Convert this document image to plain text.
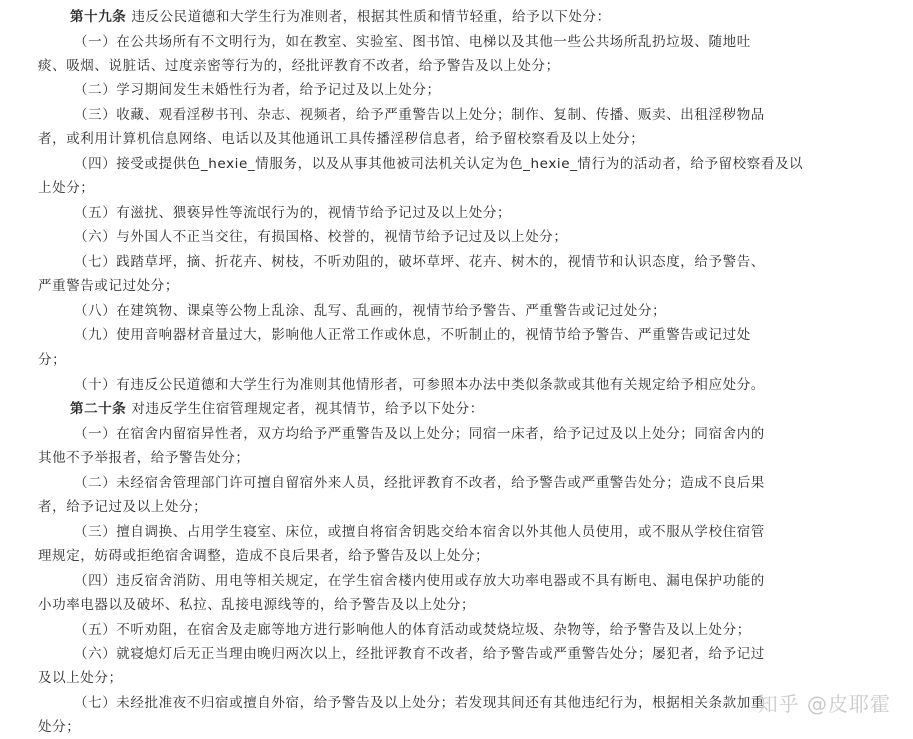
第十九条 违反公民道德和大学生行为准则者，根据其性质和情节轻重，给予以下处分：
（一）在公共场所有不文明行为，如在教室、实验室、图书馆、电梯以及其他一些公共场所乱扔垃圾、随地吐
痰、吸烟、说脏话、过度亲密等行为的，经批评教育不改者，给予警告及以上处分；
（二）学习期间发生未婚性行为者，给予记过及以上处分；
（三）收藏、观看淫秽书刊、杂志、视频者，给予严重警告以上处分；制作、复制、传播、贩卖、出租淫秽物品
者，或利用计算机信息网络、电话以及其他通讯工具传播淫秽信息者，给予留校察看及以上处分；
（四）接受或提供色_hexie_情服务，以及从事其他被司法机关认定为色_hexie_情行为的活动者，给予留校察看及以
上处分；
（五）有滋扰、猥亵异性等流氓行为的，视情节给予记过及以上处分；
（六）与外国人不正当交往，有损国格、校誉的，视情节给予记过及以上处分；
（七）践踏草坪，摘、折花卉、树枝，不听劝阻的，破坏草坪、花卉、树木的，视情节和认识态度，给予警告、
严重警告或记过处分；
（八）在建筑物、课桌等公物上乱涂、乱写、乱画的，视情节给予警告、严重警告或记过处分；
（九）使用音响器材音量过大，影响他人正常工作或休息，不听制止的，视情节给予警告、严重警告或记过处
分；
（十）有违反公民道德和大学生行为准则其他情形者，可参照本办法中类似条款或其他有关规定给予相应处分。
第二十条 对违反学生住宿管理规定者，视其情节，给予以下处分：
（一）在宿舍内留宿异性者，双方均给予严重警告及以上处分；同宿一床者，给予记过及以上处分；同宿舍内的
其他不予举报者，给予警告处分；
（二）未经宿舍管理部门许可擅自留宿外来人员，经批评教育不改者，给予警告或严重警告处分；造成不良后果
者，给予记过及以上处分；
（三）擅自调换、占用学生寝室、床位，或擅自将宿舍钥匙交给本宿舍以外其他人员使用，或不服从学校住宿管
理规定，妨碍或拒绝宿舍调整，造成不良后果者，给予警告及以上处分；
（四）违反宿舍消防、用电等相关规定，在学生宿舍楼内使用或存放大功率电器或不具有断电、漏电保护功能的
小功率电器以及破坏、私拉、乱接电源线等的，给予警告及以上处分；
（五）不听劝阻，在宿舍及走廊等地方进行影响他人的体育活动或焚烧垃圾、杂物等，给予警告及以上处分；
（六）就寝熄灯后无正当理由晚归两次以上，经批评教育不改者，给予警告或严重警告处分；屡犯者，给予记过
及以上处分；
（七）未经批准夜不归宿或擅自外宿，给予警告及以上处分；若发现其间还有其他违纪行为，根据相关条款加重
处分；
知乎 @皮耶霍
